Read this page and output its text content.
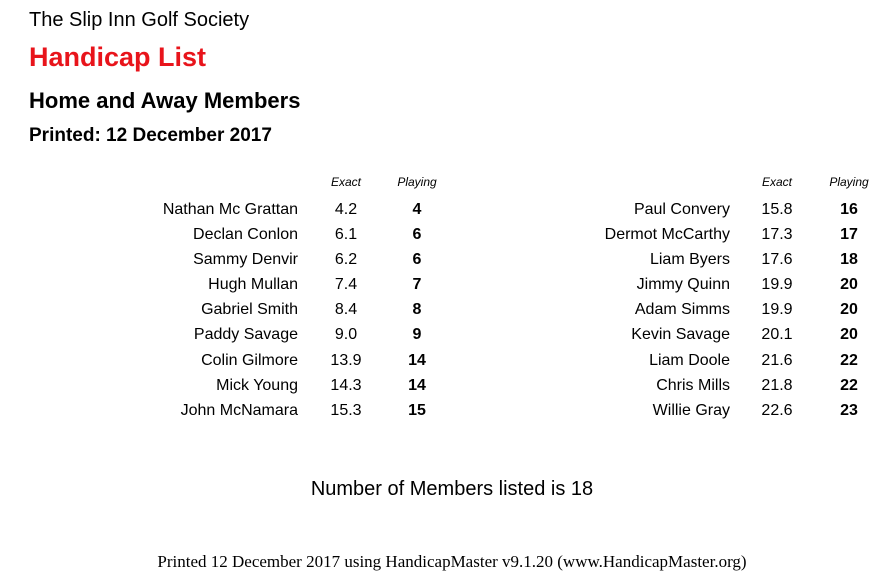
The Slip Inn Golf Society
Handicap List
Home and Away Members
Printed: 12 December 2017
Exact	Playing	Exact	Playing
Nathan Mc Grattan	4.2	4
Declan Conlon	6.1	6
Sammy Denvir	6.2	6
Hugh Mullan	7.4	7
Gabriel Smith	8.4	8
Paddy Savage	9.0	9
Colin Gilmore	13.9	14
Mick Young	14.3	14
John McNamara	15.3	15
Paul Convery	15.8	16
Dermot McCarthy	17.3	17
Liam Byers	17.6	18
Jimmy Quinn	19.9	20
Adam Simms	19.9	20
Kevin Savage	20.1	20
Liam Doole	21.6	22
Chris Mills	21.8	22
Willie Gray	22.6	23
Number of Members listed is 18
Printed 12 December 2017 using HandicapMaster v9.1.20 (www.HandicapMaster.org)
